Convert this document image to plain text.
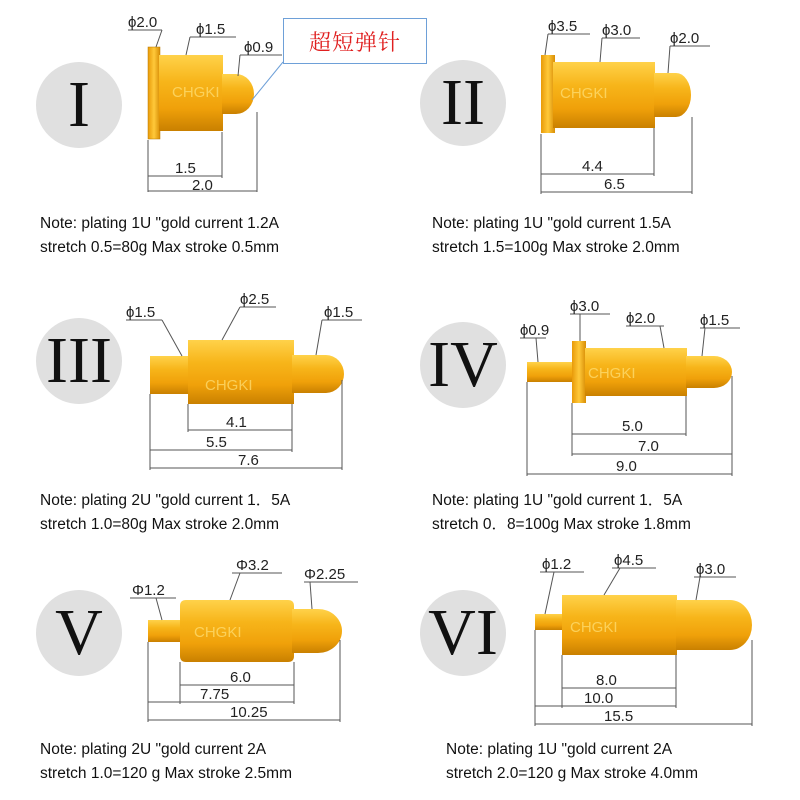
CHGKI	CHGKI
CHGKI
CHGKI
CHGKI	CHGKI
ϕ2.0	ϕ1.5
ϕ0.9
ϕ3.5 ϕ3.0	ϕ2.0
ϕ1.5
ϕ2.5
ϕ1.5
ϕ0.9
ϕ3.0
ϕ2.0	ϕ1.5
Φ1.2
Φ3.2
Φ2.25
ϕ1.2	ϕ4.5
ϕ3.0
1.5
2.0
4.4
6.5
4.1
5.5
7.6
5.0
7.0
9.0
6.0
7.75
10.25
8.0
10.0
15.5
I	II
III	IV
V	VI
超短弹针
Note: plating 1U "gold current 1.2A
stretch 0.5=80g Max stroke 0.5mm
Note: plating 1U "gold current 1.5A
stretch 1.5=100g Max stroke 2.0mm
Note: plating 2U "gold current 1．5A
stretch 1.0=80g Max stroke 2.0mm
Note: plating 1U "gold current 1．5A
stretch 0．8=100g Max stroke 1.8mm
Note: plating 2U "gold current 2A
stretch 1.0=120 g Max stroke 2.5mm
Note: plating 1U "gold current 2A
stretch 2.0=120 g Max stroke 4.0mm
